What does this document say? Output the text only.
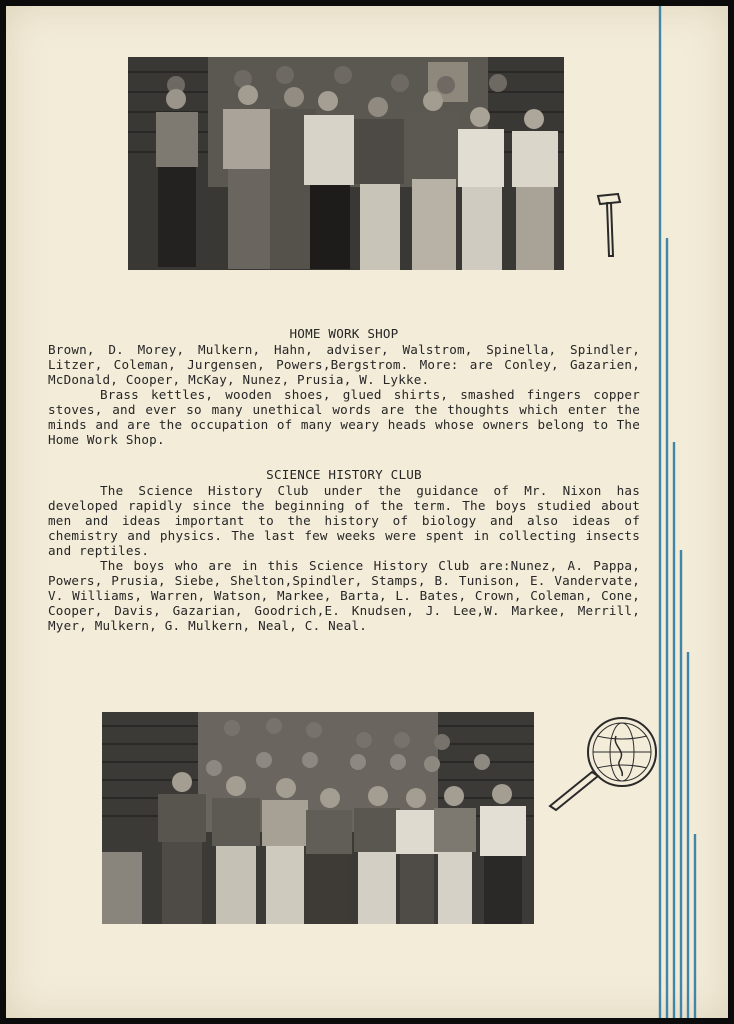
HOME WORK SHOP

Brown, D. Morey, Mulkern, Hahn, adviser, Walstrom, Spinella, Spindler, Litzer, Coleman, Jurgensen, Powers,Bergstrom. More: are Conley, Gazarien, McDonald, Cooper, McKay, Nunez, Prusia, W. Lykke.

Brass kettles, wooden shoes, glued shirts, smashed fingers copper stoves, and ever so many unethical words are the thoughts which enter the minds and are the occupation of many weary heads whose owners belong to The Home Work Shop.

SCIENCE HISTORY CLUB

The Science History Club under the guidance of Mr. Nixon has developed rapidly since the beginning of the term. The boys studied about men and ideas important to the history of biology and also ideas of chemistry and physics. The last few weeks were spent in collecting insects and reptiles.

The boys who are in this Science History Club are:Nunez, A. Pappa, Powers, Prusia, Siebe, Shelton,Spindler, Stamps, B. Tunison, E. Vandervate, V. Williams, Warren, Watson, Markee, Barta, L. Bates, Crown, Coleman, Cone, Cooper, Davis, Gazarian, Goodrich,E. Knudsen, J. Lee,W. Markee, Merrill, Myer, Mulkern, G. Mulkern, Neal, C. Neal.
